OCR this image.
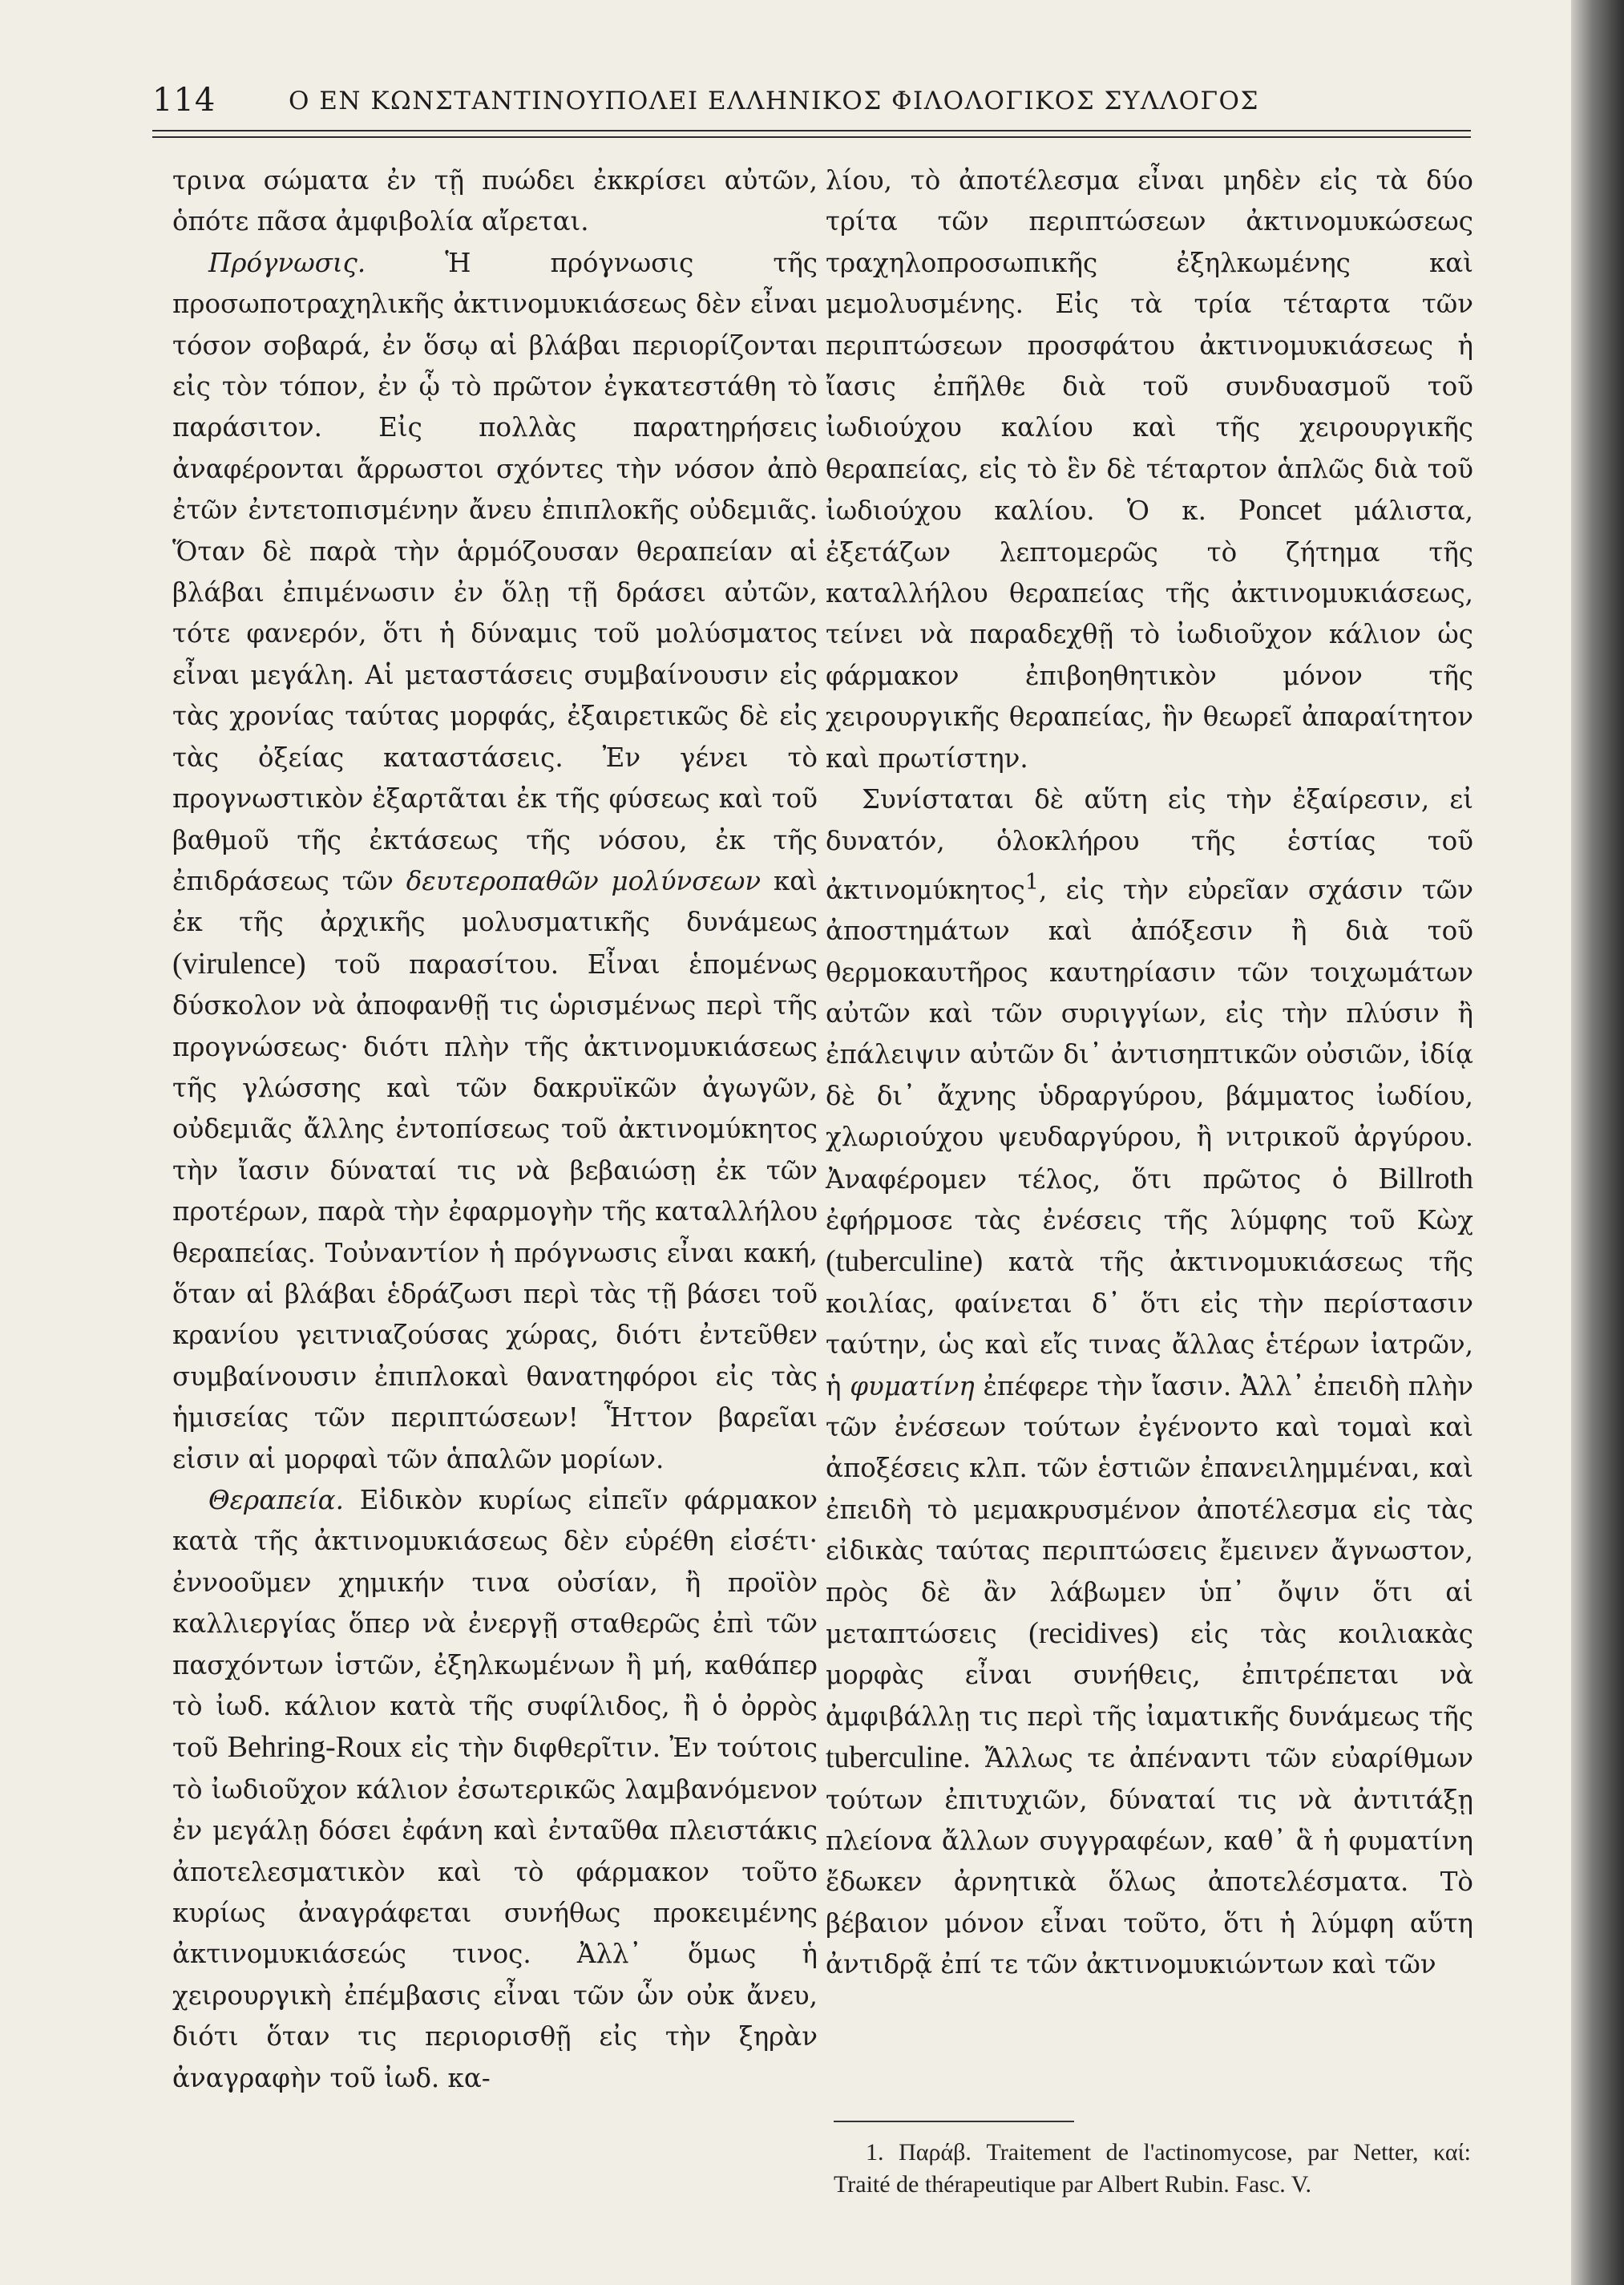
114	Ο ΕΝ ΚΩΝΣΤΑΝΤΙΝΟΥΠΟΛΕΙ ΕΛΛΗΝΙΚΟΣ ΦΙΛΟΛΟΓΙΚΟΣ ΣΥΛΛΟΓΟΣ

τρινα σώματα ἐν τῇ πυώδει ἐκκρίσει αὐτῶν, ὁπότε πᾶσα ἀμφιβολία αἴρεται.

Πρόγνωσις. Ἡ πρόγνωσις τῆς προσωποτραχηλικῆς ἀκτινομυκιάσεως δὲν εἶναι τόσον σοβαρά, ἐν ὅσῳ αἱ βλάβαι περιορίζονται εἰς τὸν τόπον, ἐν ᾧ τὸ πρῶτον ἐγκατεστάθη τὸ παράσιτον. Εἰς πολλὰς παρατηρήσεις ἀναφέρονται ἄρρωστοι σχόντες τὴν νόσον ἀπὸ ἐτῶν ἐντετοπισμένην ἄνευ ἐπιπλοκῆς οὐδεμιᾶς. Ὅταν δὲ παρὰ τὴν ἁρμόζουσαν θεραπείαν αἱ βλάβαι ἐπιμένωσιν ἐν ὅλῃ τῇ δράσει αὐτῶν, τότε φανερόν, ὅτι ἡ δύναμις τοῦ μολύσματος εἶναι μεγάλη. Αἱ μεταστάσεις συμβαίνουσιν εἰς τὰς χρονίας ταύτας μορφάς, ἐξαιρετικῶς δὲ εἰς τὰς ὀξείας καταστάσεις. Ἐν γένει τὸ προγνωστικὸν ἐξαρτᾶται ἐκ τῆς φύσεως καὶ τοῦ βαθμοῦ τῆς ἐκτάσεως τῆς νόσου, ἐκ τῆς ἐπιδράσεως τῶν δευτεροπαθῶν μολύνσεων καὶ ἐκ τῆς ἀρχικῆς μολυσματικῆς δυνάμεως (virulence) τοῦ παρασίτου. Εἶναι ἑπομένως δύσκολον νὰ ἀποφανθῇ τις ὡρισμένως περὶ τῆς προγνώσεως· διότι πλὴν τῆς ἀκτινομυκιάσεως τῆς γλώσσης καὶ τῶν δακρυϊκῶν ἀγωγῶν, οὐδεμιᾶς ἄλλης ἐντοπίσεως τοῦ ἀκτινομύκητος τὴν ἴασιν δύναταί τις νὰ βεβαιώσῃ ἐκ τῶν προτέρων, παρὰ τὴν ἐφαρμογὴν τῆς καταλλήλου θεραπείας. Τοὐναντίον ἡ πρόγνωσις εἶναι κακή, ὅταν αἱ βλάβαι ἑδράζωσι περὶ τὰς τῇ βάσει τοῦ κρανίου γειτνιαζούσας χώρας, διότι ἐντεῦθεν συμβαίνουσιν ἐπιπλοκαὶ θανατηφόροι εἰς τὰς ἡμισείας τῶν περιπτώσεων! Ἧττον βαρεῖαι εἰσιν αἱ μορφαὶ τῶν ἁπαλῶν μορίων.

Θεραπεία. Εἰδικὸν κυρίως εἰπεῖν φάρμακον κατὰ τῆς ἀκτινομυκιάσεως δὲν εὑρέθη εἰσέτι· ἐννοοῦμεν χημικήν τινα οὐσίαν, ἢ προϊὸν καλλιεργίας ὅπερ νὰ ἐνεργῇ σταθερῶς ἐπὶ τῶν πασχόντων ἱστῶν, ἐξηλκωμένων ἢ μή, καθάπερ τὸ ἰωδ. κάλιον κατὰ τῆς συφίλιδος, ἢ ὁ ὀρρὸς τοῦ Behring-Roux εἰς τὴν διφθερῖτιν. Ἐν τούτοις τὸ ἰωδιοῦχον κάλιον ἐσωτερικῶς λαμβανόμενον ἐν μεγάλῃ δόσει ἐφάνη καὶ ἐνταῦθα πλειστάκις ἀποτελεσματικὸν καὶ τὸ φάρμακον τοῦτο κυρίως ἀναγράφεται συνήθως προκειμένης ἀκτινομυκιάσεώς τινος. Ἀλλ᾽ ὅμως ἡ χειρουργικὴ ἐπέμβασις εἶναι τῶν ὧν οὐκ ἄνευ, διότι ὅταν τις περιορισθῇ εἰς τὴν ξηρὰν ἀναγραφὴν τοῦ ἰωδ. κα-

λίου, τὸ ἀποτέλεσμα εἶναι μηδὲν εἰς τὰ δύο τρίτα τῶν περιπτώσεων ἀκτινομυκώσεως τραχηλοπροσωπικῆς ἐξηλκωμένης καὶ μεμολυσμένης. Εἰς τὰ τρία τέταρτα τῶν περιπτώσεων προσφάτου ἀκτινομυκιάσεως ἡ ἴασις ἐπῆλθε διὰ τοῦ συνδυασμοῦ τοῦ ἰωδιούχου καλίου καὶ τῆς χειρουργικῆς θεραπείας, εἰς τὸ ἓν δὲ τέταρτον ἁπλῶς διὰ τοῦ ἰωδιούχου καλίου. Ὁ κ. Poncet μάλιστα, ἐξετάζων λεπτομερῶς τὸ ζήτημα τῆς καταλλήλου θεραπείας τῆς ἀκτινομυκιάσεως, τείνει νὰ παραδεχθῇ τὸ ἰωδιοῦχον κάλιον ὡς φάρμακον ἐπιβοηθητικὸν μόνον τῆς χειρουργικῆς θεραπείας, ἣν θεωρεῖ ἀπαραίτητον καὶ πρωτίστην.

Συνίσταται δὲ αὕτη εἰς τὴν ἐξαίρεσιν, εἰ δυνατόν, ὁλοκλήρου τῆς ἑστίας τοῦ ἀκτινομύκητος$^1$, εἰς τὴν εὐρεῖαν σχάσιν τῶν ἀποστημάτων καὶ ἀπόξεσιν ἢ διὰ τοῦ θερμοκαυτῆρος καυτηρίασιν τῶν τοιχωμάτων αὐτῶν καὶ τῶν συριγγίων, εἰς τὴν πλύσιν ἢ ἐπάλειψιν αὐτῶν δι᾽ ἀντισηπτικῶν οὐσιῶν, ἰδίᾳ δὲ δι᾽ ἄχνης ὑδραργύρου, βάμματος ἰωδίου, χλωριούχου ψευδαργύρου, ἢ νιτρικοῦ ἀργύρου. Ἀναφέρομεν τέλος, ὅτι πρῶτος ὁ Billroth ἐφήρμοσε τὰς ἐνέσεις τῆς λύμφης τοῦ Κὼχ (tuberculine) κατὰ τῆς ἀκτινομυκιάσεως τῆς κοιλίας, φαίνεται δ᾽ ὅτι εἰς τὴν περίστασιν ταύτην, ὡς καὶ εἴς τινας ἄλλας ἑτέρων ἰατρῶν, ἡ φυματίνη ἐπέφερε τὴν ἴασιν. Ἀλλ᾽ ἐπειδὴ πλὴν τῶν ἐνέσεων τούτων ἐγένοντο καὶ τομαὶ καὶ ἀποξέσεις κλπ. τῶν ἑστιῶν ἐπανειλημμέναι, καὶ ἐπειδὴ τὸ μεμακρυσμένον ἀποτέλεσμα εἰς τὰς εἰδικὰς ταύτας περιπτώσεις ἔμεινεν ἄγνωστον, πρὸς δὲ ἂν λάβωμεν ὑπ᾽ ὄψιν ὅτι αἱ μεταπτώσεις (recidives) εἰς τὰς κοιλιακὰς μορφὰς εἶναι συνήθεις, ἐπιτρέπεται νὰ ἀμφιβάλλῃ τις περὶ τῆς ἰαματικῆς δυνάμεως τῆς tuberculine. Ἄλλως τε ἀπέναντι τῶν εὐαρίθμων τούτων ἐπιτυχιῶν, δύναταί τις νὰ ἀντιτάξῃ πλείονα ἄλλων συγγραφέων, καθ᾽ ἃ ἡ φυματίνη ἔδωκεν ἀρνητικὰ ὅλως ἀποτελέσματα. Τὸ βέβαιον μόνον εἶναι τοῦτο, ὅτι ἡ λύμφη αὕτη ἀντιδρᾷ ἐπί τε τῶν ἀκτινομυκιώντων καὶ τῶν

1. Παράβ. Traitement de l'actinomycose, par Netter, καί: Traité de thérapeutique par Albert Rubin. Fasc. V.
